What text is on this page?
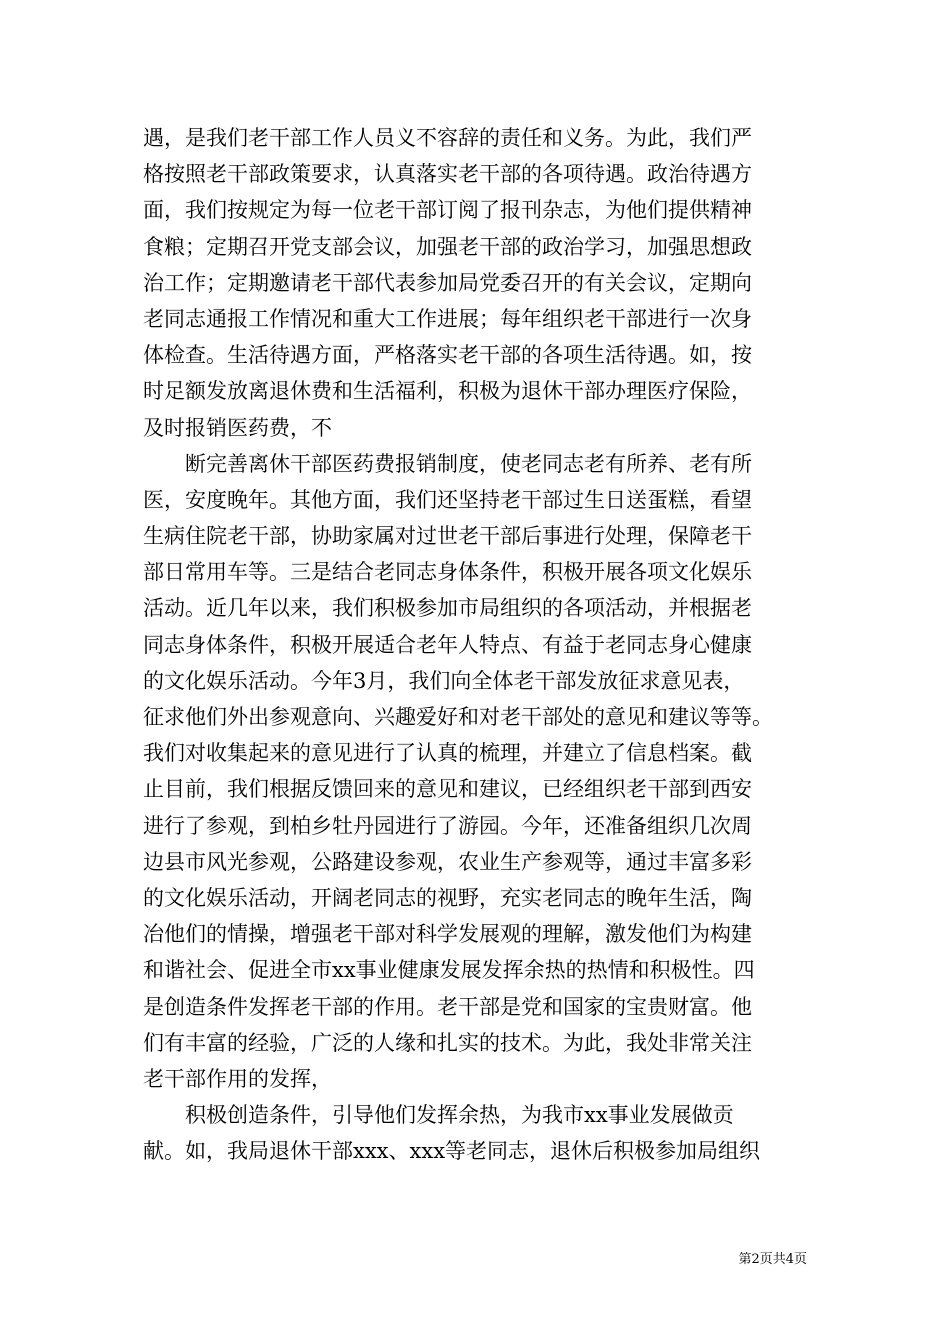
遇，是我们老干部工作人员义不容辞的责任和义务。为此，我们严
格按照老干部政策要求，认真落实老干部的各项待遇。政治待遇方
面，我们按规定为每一位老干部订阅了报刊杂志，为他们提供精神
食粮；定期召开党支部会议，加强老干部的政治学习，加强思想政
治工作；定期邀请老干部代表参加局党委召开的有关会议，定期向
老同志通报工作情况和重大工作进展；每年组织老干部进行一次身
体检查。生活待遇方面，严格落实老干部的各项生活待遇。如，按
时足额发放离退休费和生活福利，积极为退休干部办理医疗保险，
及时报销医药费，不
　　断完善离休干部医药费报销制度，使老同志老有所养、老有所
医，安度晚年。其他方面，我们还坚持老干部过生日送蛋糕，看望
生病住院老干部，协助家属对过世老干部后事进行处理，保障老干
部日常用车等。三是结合老同志身体条件，积极开展各项文化娱乐
活动。近几年以来，我们积极参加市局组织的各项活动，并根据老
同志身体条件，积极开展适合老年人特点、有益于老同志身心健康
的文化娱乐活动。今年3月，我们向全体老干部发放征求意见表，
征求他们外出参观意向、兴趣爱好和对老干部处的意见和建议等等。
我们对收集起来的意见进行了认真的梳理，并建立了信息档案。截
止目前，我们根据反馈回来的意见和建议，已经组织老干部到西安
进行了参观，到柏乡牡丹园进行了游园。今年，还准备组织几次周
边县市风光参观，公路建设参观，农业生产参观等，通过丰富多彩
的文化娱乐活动，开阔老同志的视野，充实老同志的晚年生活，陶
冶他们的情操，增强老干部对科学发展观的理解，激发他们为构建
和谐社会、促进全市xx事业健康发展发挥余热的热情和积极性。四
是创造条件发挥老干部的作用。老干部是党和国家的宝贵财富。他
们有丰富的经验，广泛的人缘和扎实的技术。为此，我处非常关注
老干部作用的发挥，
　　积极创造条件，引导他们发挥余热，为我市xx事业发展做贡
献。如，我局退休干部xxx、xxx等老同志，退休后积极参加局组织
第2页共4页
